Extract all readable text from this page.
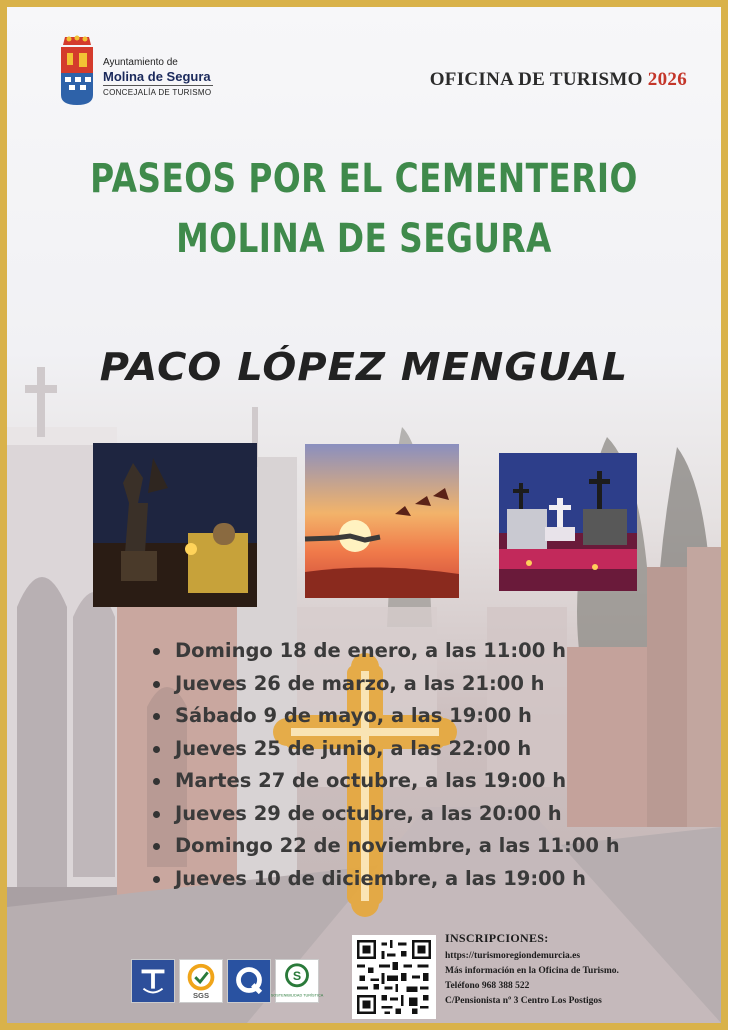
Ayuntamiento de
Molina de Segura
CONCEJALÍA DE TURISMO
OFICINA DE TURISMO 2026
PASEOS POR EL CEMENTERIO
MOLINA DE SEGURA
PACO LÓPEZ MENGUAL
Domingo 18 de enero, a las 11:00 h
Jueves 26 de marzo, a las 21:00 h
Sábado 9 de mayo, a las 19:00 h
Jueves 25 de junio, a las 22:00 h
Martes 27 de octubre, a las 19:00 h
Jueves 29 de octubre, a las 20:00 h
Domingo 22 de noviembre, a las 11:00 h
Jueves 10 de diciembre, a las 19:00 h
SGS
S
SOSTENIBILIDAD TURÍSTICA
INSCRIPCIONES:
https://turismoregiondemurcia.es
Más información en la Oficina de Turismo.
Teléfono 968 388 522
C/Pensionista nº 3 Centro Los Postigos
